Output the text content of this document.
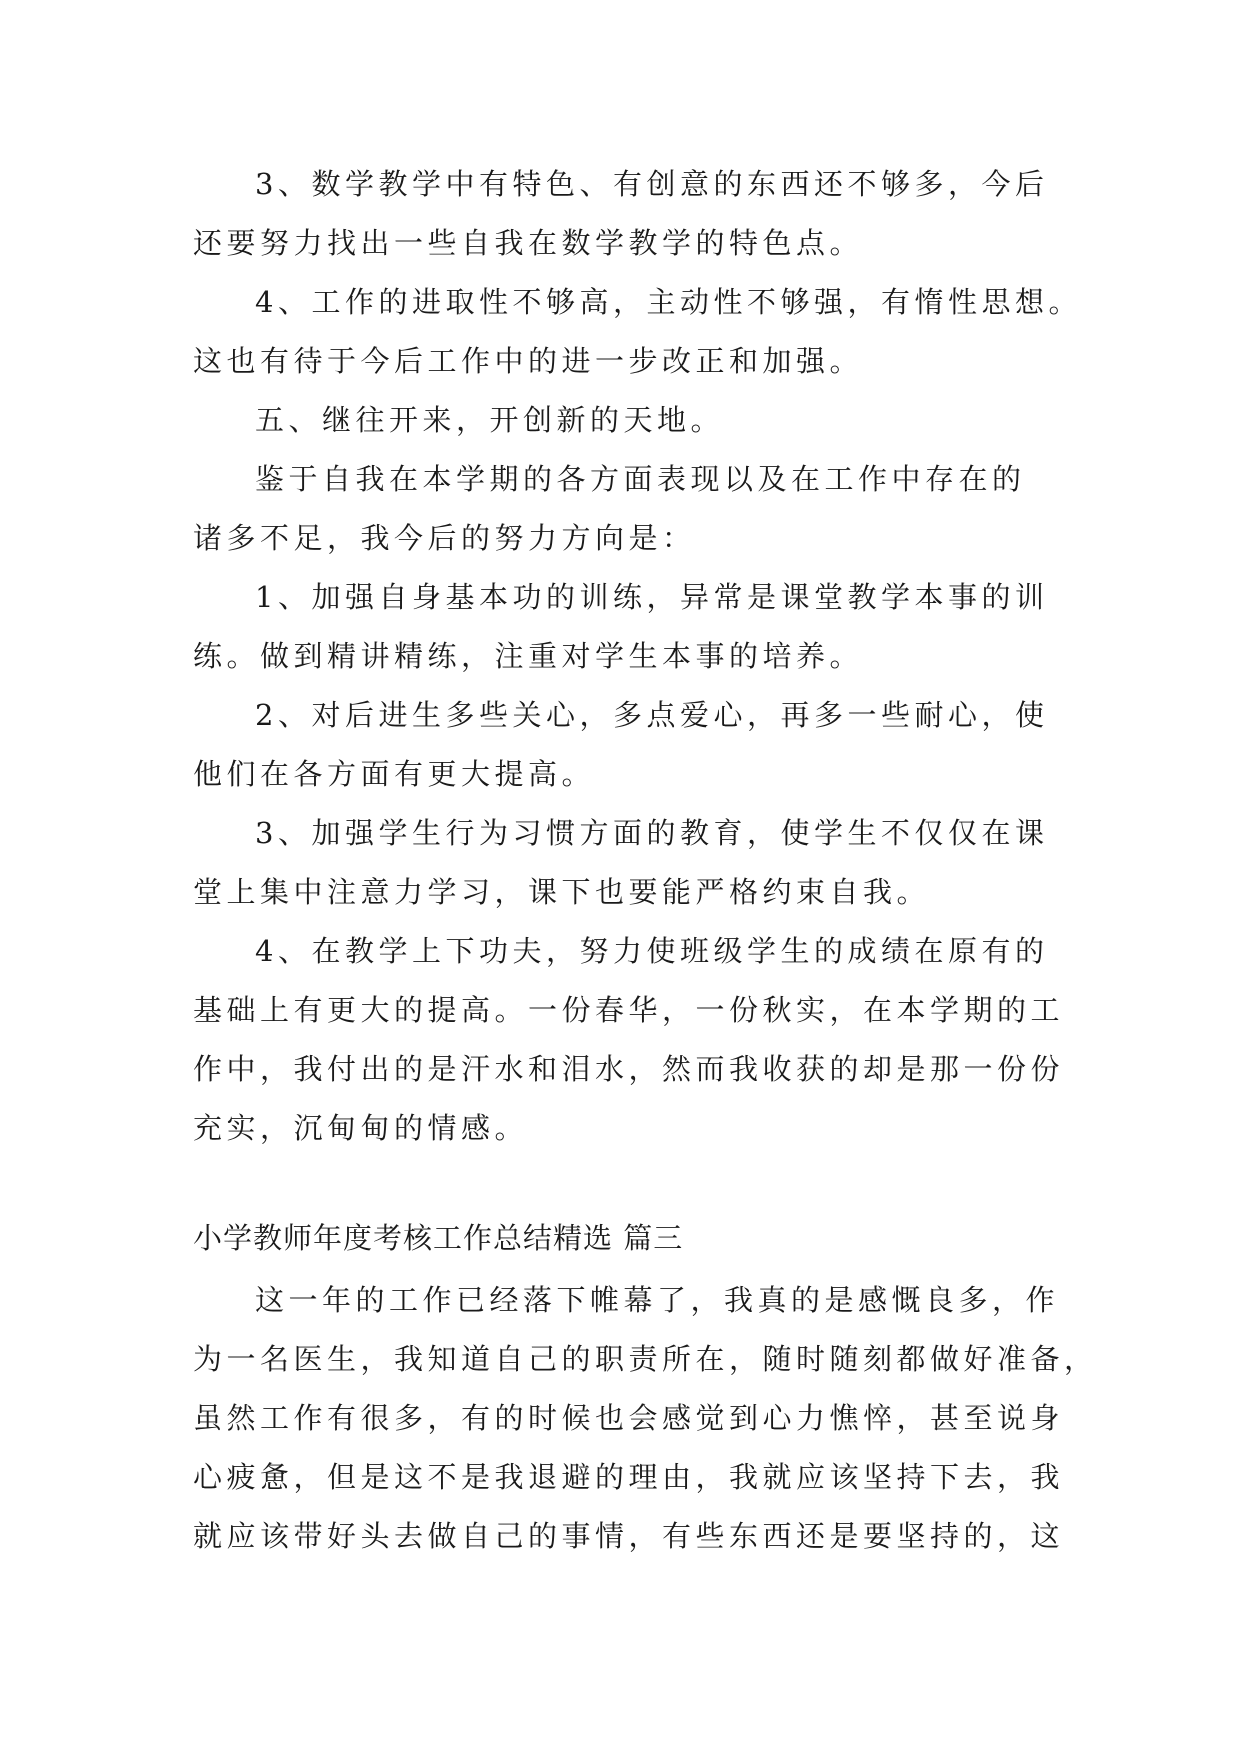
3、数学教学中有特色、有创意的东西还不够多，今后
还要努力找出一些自我在数学教学的特色点。
4、工作的进取性不够高，主动性不够强，有惰性思想。
这也有待于今后工作中的进一步改正和加强。
五、继往开来，开创新的天地。
鉴于自我在本学期的各方面表现以及在工作中存在的
诸多不足，我今后的努力方向是：
1、加强自身基本功的训练，异常是课堂教学本事的训
练。做到精讲精练，注重对学生本事的培养。
2、对后进生多些关心，多点爱心，再多一些耐心，使
他们在各方面有更大提高。
3、加强学生行为习惯方面的教育，使学生不仅仅在课
堂上集中注意力学习，课下也要能严格约束自我。
4、在教学上下功夫，努力使班级学生的成绩在原有的
基础上有更大的提高。一份春华，一份秋实，在本学期的工
作中，我付出的是汗水和泪水，然而我收获的却是那一份份
充实，沉甸甸的情感。
小学教师年度考核工作总结精选 篇三
这一年的工作已经落下帷幕了，我真的是感慨良多，作
为一名医生，我知道自己的职责所在，随时随刻都做好准备，
虽然工作有很多，有的时候也会感觉到心力憔悴，甚至说身
心疲惫，但是这不是我退避的理由，我就应该坚持下去，我
就应该带好头去做自己的事情，有些东西还是要坚持的，这
